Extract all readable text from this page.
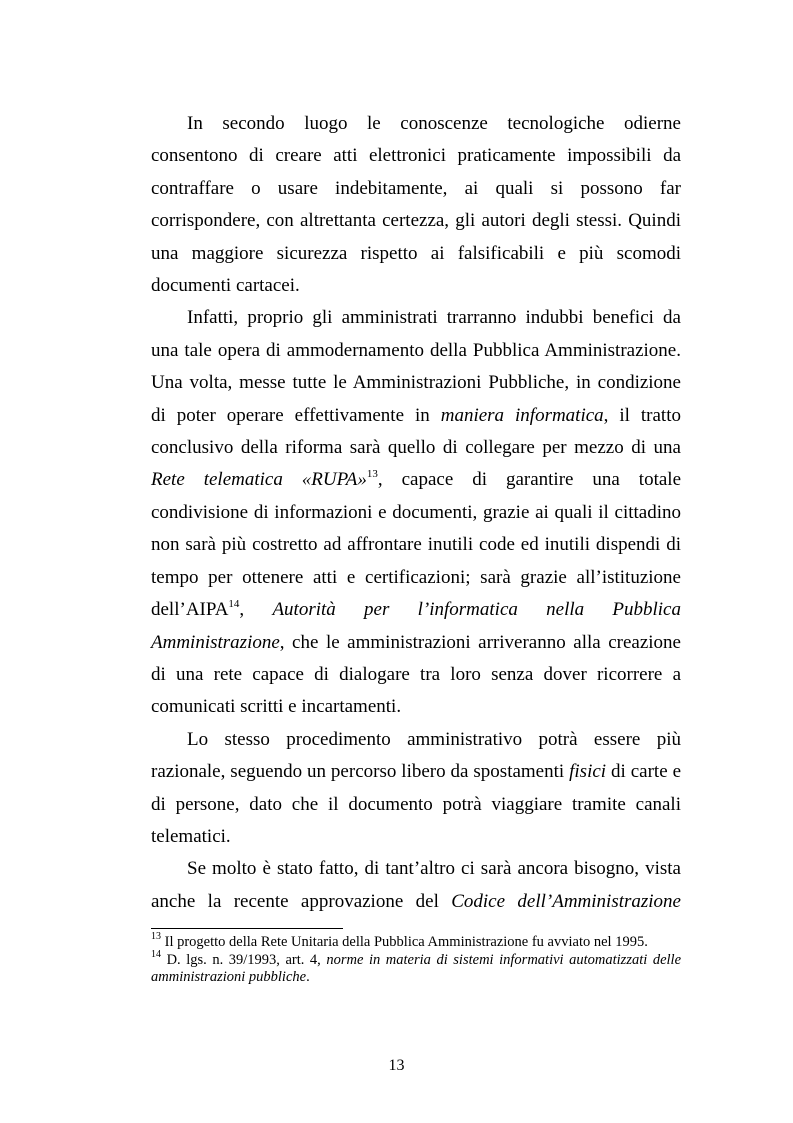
In secondo luogo le conoscenze tecnologiche odierne consentono di creare atti elettronici praticamente impossibili da contraffare o usare indebitamente, ai quali si possono far corrispondere, con altrettanta certezza, gli autori degli stessi. Quindi una maggiore sicurezza rispetto ai falsificabili e più scomodi documenti cartacei.

Infatti, proprio gli amministrati trarranno indubbi benefici da una tale opera di ammodernamento della Pubblica Amministrazione. Una volta, messe tutte le Amministrazioni Pubbliche, in condizione di poter operare effettivamente in maniera informatica, il tratto conclusivo della riforma sarà quello di collegare per mezzo di una Rete telematica «RUPA»$^{13}$, capace di garantire una totale condivisione di informazioni e documenti, grazie ai quali il cittadino non sarà più costretto ad affrontare inutili code ed inutili dispendi di tempo per ottenere atti e certificazioni; sarà grazie all’istituzione dell’AIPA$^{14}$, Autorità per l’informatica nella Pubblica Amministrazione, che le amministrazioni arriveranno alla creazione di una rete capace di dialogare tra loro senza dover ricorrere a comunicati scritti e incartamenti.

Lo stesso procedimento amministrativo potrà essere più razionale, seguendo un percorso libero da spostamenti fisici di carte e di persone, dato che il documento potrà viaggiare tramite canali telematici.

Se molto è stato fatto, di tant’altro ci sarà ancora bisogno, vista anche la recente approvazione del Codice dell’Amministrazione

$^{13}$ Il progetto della Rete Unitaria della Pubblica Amministrazione fu avviato nel 1995.

$^{14}$ D. lgs. n. 39/1993, art. 4, norme in materia di sistemi informativi automatizzati delle amministrazioni pubbliche.

13
